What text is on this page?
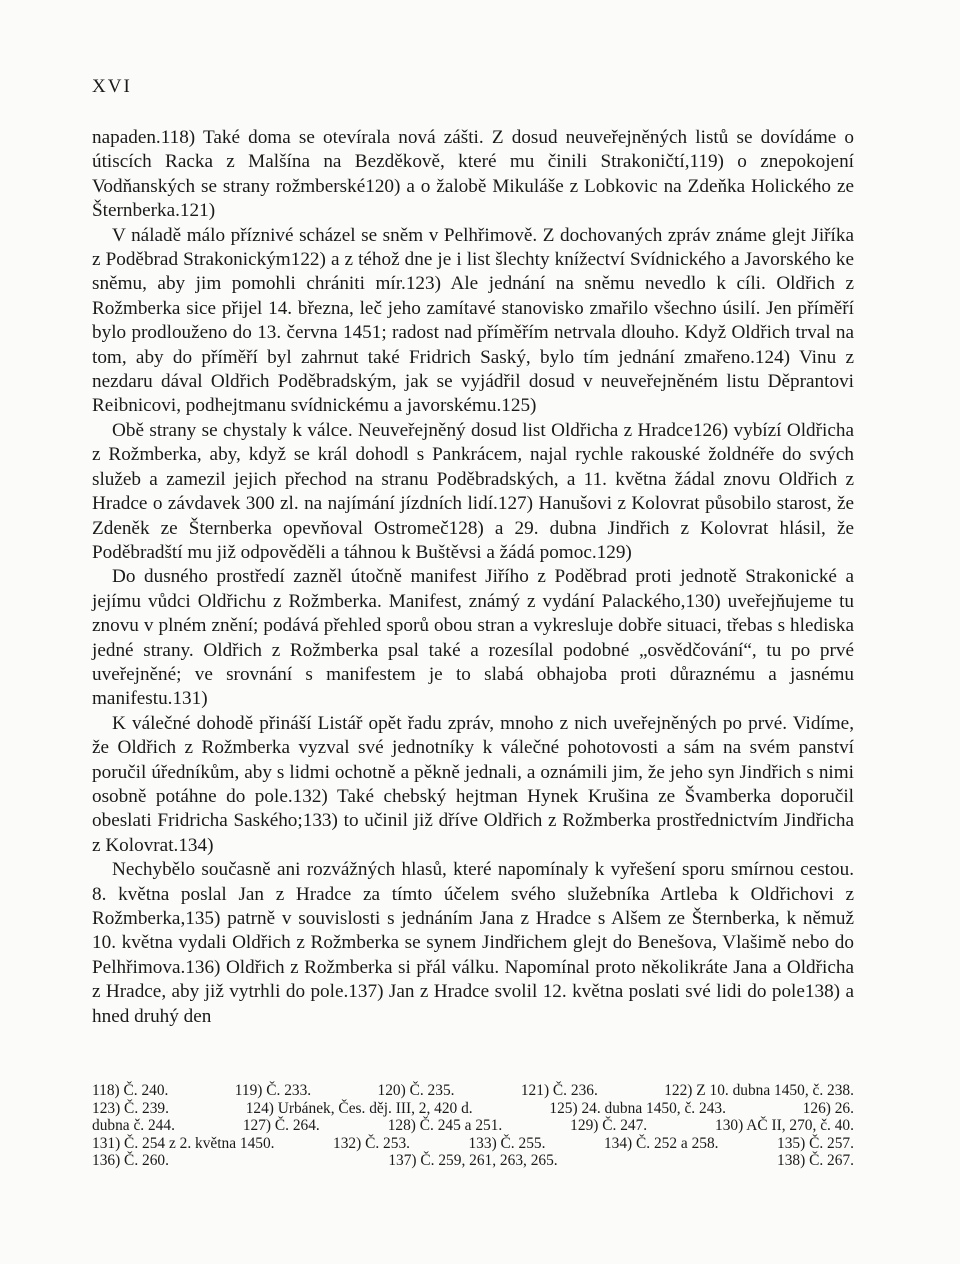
XVI

napaden.118) Také doma se otevírala nová zášti. Z dosud neuveřejněných listů se dovídáme o útiscích Racka z Malšína na Bezděkově, které mu činili Strakoničtí,119) o znepokojení Vodňanských se strany rožmberské120) a o žalobě Mikuláše z Lobkovic na Zdeňka Holického ze Šternberka.121)

V náladě málo příznivé scházel se sněm v Pelhřimově. Z dochovaných zpráv známe glejt Jiříka z Poděbrad Strakonickým122) a z téhož dne je i list šlechty knížectví Svídnického a Javorského ke sněmu, aby jim pomohli chrániti mír.123) Ale jednání na sněmu nevedlo k cíli. Oldřich z Rožmberka sice přijel 14. března, leč jeho zamítavé stanovisko zmařilo všechno úsilí. Jen příměří bylo prodlouženo do 13. června 1451; radost nad příměřím netrvala dlouho. Když Oldřich trval na tom, aby do příměří byl zahrnut také Fridrich Saský, bylo tím jednání zmařeno.124) Vinu z nezdaru dával Oldřich Poděbradským, jak se vyjádřil dosud v neuveřejněném listu Děprantovi Reibnicovi, podhejtmanu svídnickému a javorskému.125)

Obě strany se chystaly k válce. Neuveřejněný dosud list Oldřicha z Hradce126) vybízí Oldřicha z Rožmberka, aby, když se král dohodl s Pankrácem, najal rychle rakouské žoldnéře do svých služeb a zamezil jejich přechod na stranu Poděbradských, a 11. května žádal znovu Oldřich z Hradce o závdavek 300 zl. na najímání jízdních lidí.127) Hanušovi z Kolovrat působilo starost, že Zdeněk ze Šternberka opevňoval Ostromeč128) a 29. dubna Jindřich z Kolovrat hlásil, že Poděbradští mu již odpověděli a táhnou k Buštěvsi a žádá pomoc.129)

Do dusného prostředí zazněl útočně manifest Jiřího z Poděbrad proti jednotě Strakonické a jejímu vůdci Oldřichu z Rožmberka. Manifest, známý z vydání Palackého,130) uveřejňujeme tu znovu v plném znění; podává přehled sporů obou stran a vykresluje dobře situaci, třebas s hlediska jedné strany. Oldřich z Rožmberka psal také a rozesílal podobné „osvědčování“, tu po prvé uveřejněné; ve srovnání s manifestem je to slabá obhajoba proti důraznému a jasnému manifestu.131)

K válečné dohodě přináší Listář opět řadu zpráv, mnoho z nich uveřejněných po prvé. Vidíme, že Oldřich z Rožmberka vyzval své jednotníky k válečné pohotovosti a sám na svém panství poručil úředníkům, aby s lidmi ochotně a pěkně jednali, a oznámili jim, že jeho syn Jindřich s nimi osobně potáhne do pole.132) Také chebský hejtman Hynek Krušina ze Švamberka doporučil obeslati Fridricha Saského;133) to učinil již dříve Oldřich z Rožmberka prostřednictvím Jindřicha z Kolovrat.134)

Nechybělo současně ani rozvážných hlasů, které napomínaly k vyřešení sporu smírnou cestou. 8. května poslal Jan z Hradce za tímto účelem svého služebníka Artleba k Oldřichovi z Rožmberka,135) patrně v souvislosti s jednáním Jana z Hradce s Alšem ze Šternberka, k němuž 10. května vydali Oldřich z Rožmberka se synem Jindřichem glejt do Benešova, Vlašimě nebo do Pelhřimova.136) Oldřich z Rožmberka si přál válku. Napomínal proto několikráte Jana a Oldřicha z Hradce, aby již vytrhli do pole.137) Jan z Hradce svolil 12. května poslati své lidi do pole138) a hned druhý den

118) Č. 240.	119) Č. 233.	120) Č. 235.	121) Č. 236.	122) Z 10. dubna 1450, č. 238.
123) Č. 239.	124) Urbánek, Čes. děj. III, 2, 420 d.	125) 24. dubna 1450, č. 243.	126) 26.
dubna č. 244.	127) Č. 264.	128) Č. 245 a 251.	129) Č. 247.	130) AČ II, 270, č. 40.
131) Č. 254 z 2. května 1450.	132) Č. 253.	133) Č. 255.	134) Č. 252 a 258.	135) Č. 257.
136) Č. 260.	137) Č. 259, 261, 263, 265.	138) Č. 267.
